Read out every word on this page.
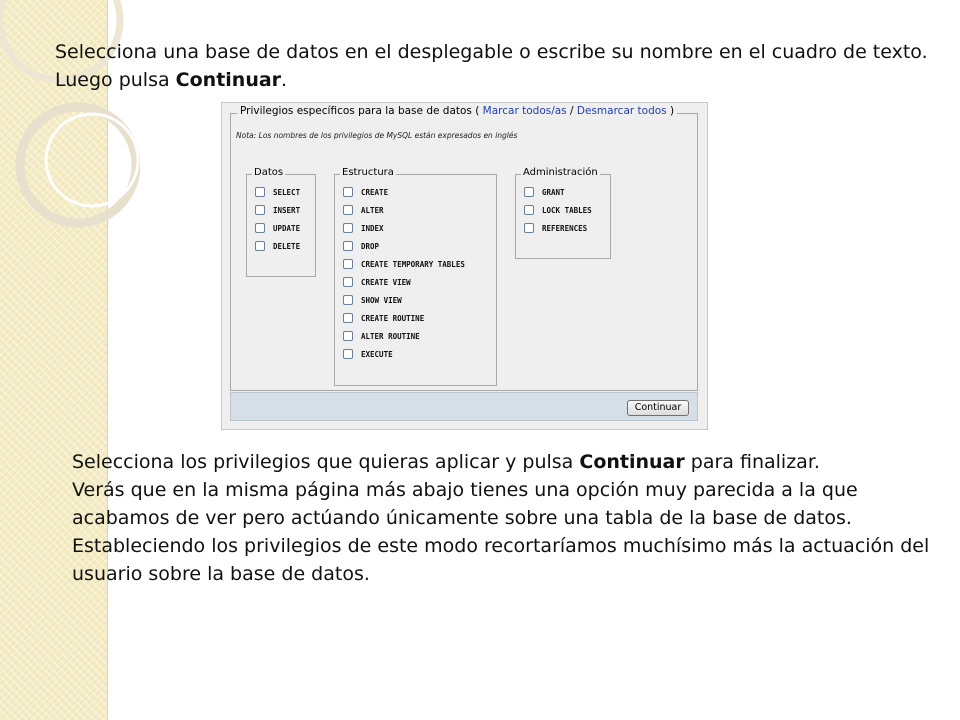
Selecciona una base de datos en el desplegable o escribe su nombre en el cuadro de texto. Luego pulsa Continuar.

Privilegios específicos para la base de datos ( Marcar todos/as / Desmarcar todos )
Nota: Los nombres de los privilegios de MySQL están expresados en inglés
Datos
SELECT
INSERT
UPDATE
DELETE
Estructura
CREATE
ALTER
INDEX
DROP
CREATE TEMPORARY TABLES
CREATE VIEW
SHOW VIEW
CREATE ROUTINE
ALTER ROUTINE
EXECUTE
Administración
GRANT
LOCK TABLES
REFERENCES
Continuar

Selecciona los privilegios que quieras aplicar y pulsa Continuar para finalizar.
Verás que en la misma página más abajo tienes una opción muy parecida a la que acabamos de ver pero actúando únicamente sobre una tabla de la base de datos. Estableciendo los privilegios de este modo recortaríamos muchísimo más la actuación del usuario sobre la base de datos.
